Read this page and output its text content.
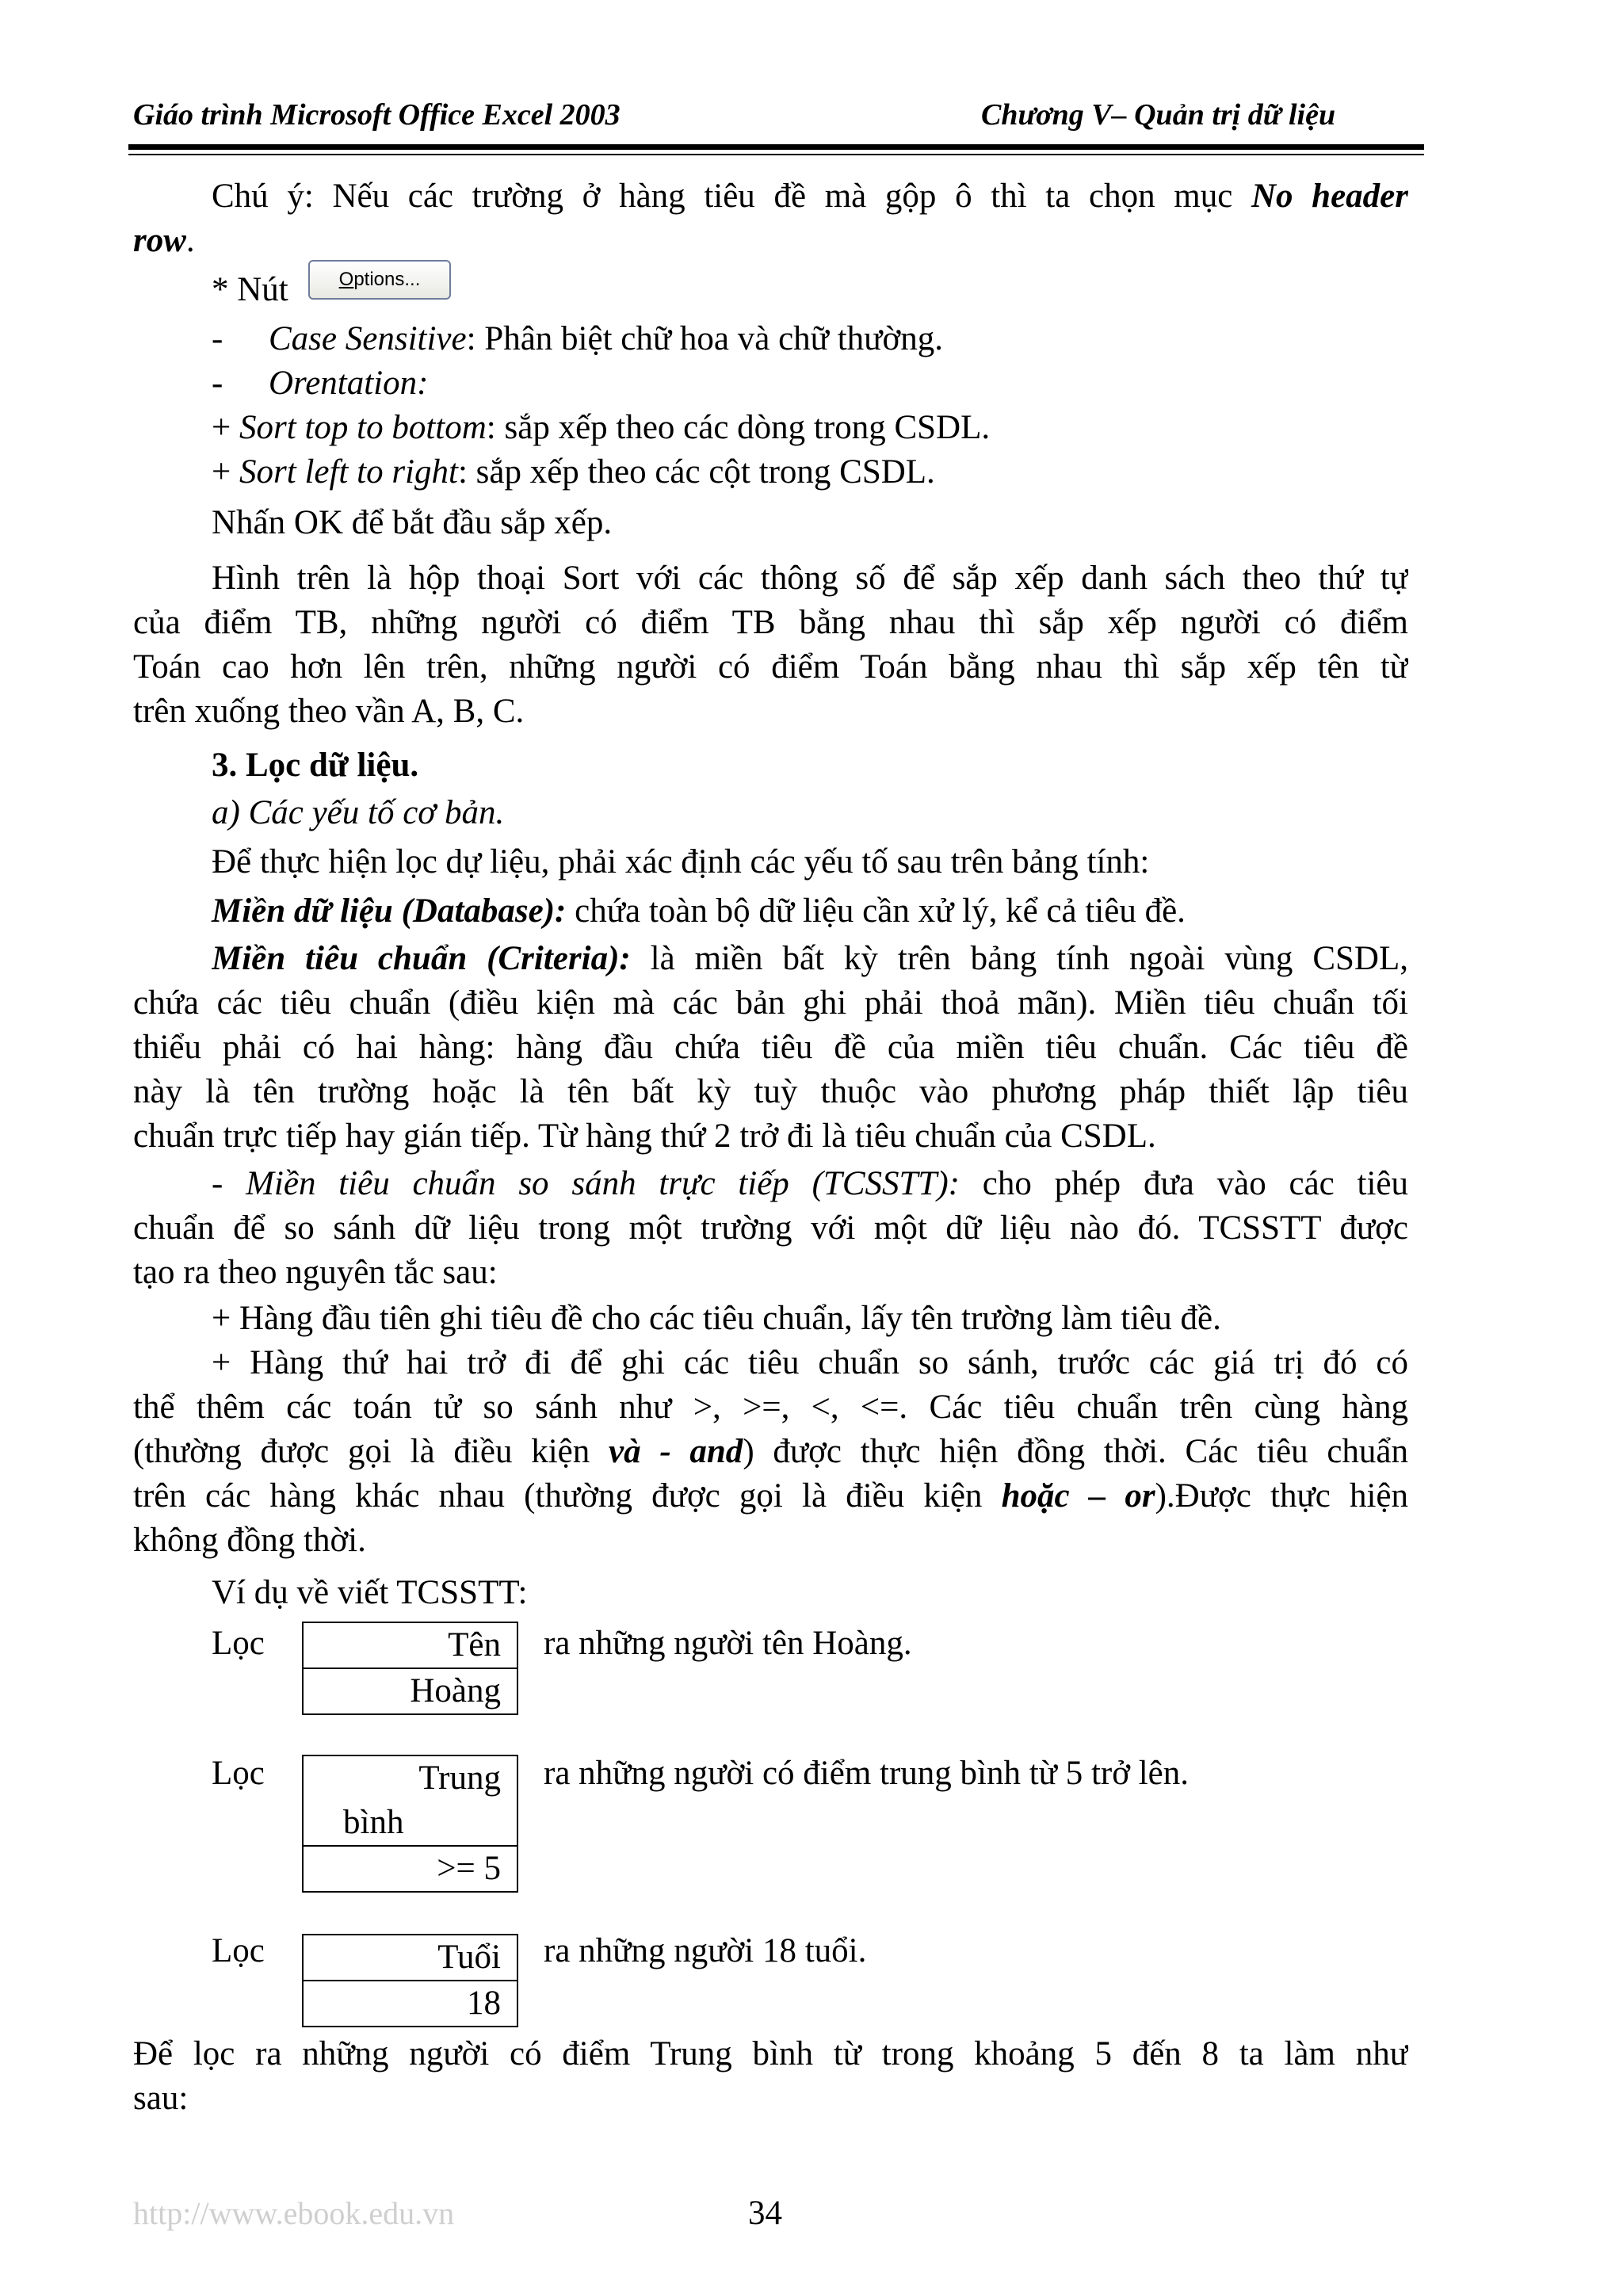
Giáo trình Microsoft Office Excel 2003	Chương V– Quản trị dữ liệu
Chú ý: Nếu các trường ở hàng tiêu đề mà gộp ô thì ta chọn mục No header
row.
* Nút	Options...
- Case Sensitive: Phân biệt chữ hoa và chữ thường.
- Orentation:
+ Sort top to bottom: sắp xếp theo các dòng trong CSDL.
+ Sort left to right: sắp xếp theo các cột trong CSDL.
Nhấn OK để bắt đầu sắp xếp.
Hình trên là hộp thoại Sort với các thông số để sắp xếp danh sách theo thứ tự
của điểm TB, những người có điểm TB bằng nhau thì sắp xếp người có điểm
Toán cao hơn lên trên, những người có điểm Toán bằng nhau thì sắp xếp tên từ
trên xuống theo vần A, B, C.
3. Lọc dữ liệu.
a) Các yếu tố cơ bản.
Để thực hiện lọc dự liệu, phải xác định các yếu tố sau trên bảng tính:
Miền dữ liệu (Database): chứa toàn bộ dữ liệu cần xử lý, kể cả tiêu đề.
Miền tiêu chuẩn (Criteria): là miền bất kỳ trên bảng tính ngoài vùng CSDL,
chứa các tiêu chuẩn (điều kiện mà các bản ghi phải thoả mãn). Miền tiêu chuẩn tối
thiểu phải có hai hàng: hàng đầu chứa tiêu đề của miền tiêu chuẩn. Các tiêu đề
này là tên trường hoặc là tên bất kỳ tuỳ thuộc vào phương pháp thiết lập tiêu
chuẩn trực tiếp hay gián tiếp. Từ hàng thứ 2 trở đi là tiêu chuẩn của CSDL.
- Miền tiêu chuẩn so sánh trực tiếp (TCSSTT): cho phép đưa vào các tiêu
chuẩn để so sánh dữ liệu trong một trường với một dữ liệu nào đó. TCSSTT được
tạo ra theo nguyên tắc sau:
+ Hàng đầu tiên ghi tiêu đề cho các tiêu chuẩn, lấy tên trường làm tiêu đề.
+ Hàng thứ hai trở đi để ghi các tiêu chuẩn so sánh, trước các giá trị đó có
thể thêm các toán tử so sánh như >, >=, <, <=. Các tiêu chuẩn trên cùng hàng
(thường được gọi là điều kiện và - and) được thực hiện đồng thời. Các tiêu chuẩn
trên các hàng khác nhau (thường được gọi là điều kiện hoặc – or).Được thực hiện
không đồng thời.
Ví dụ về viết TCSSTT:
Lọc	Tên
Hoàng
ra những người tên Hoàng.
Lọc	Trung
bình
>= 5
ra những người có điểm trung bình từ 5 trở lên.
Lọc	Tuổi
18
ra những người 18 tuổi.
Để lọc ra những người có điểm Trung bình từ trong khoảng 5 đến 8 ta làm như
sau:
http://www.ebook.edu.vn	34
